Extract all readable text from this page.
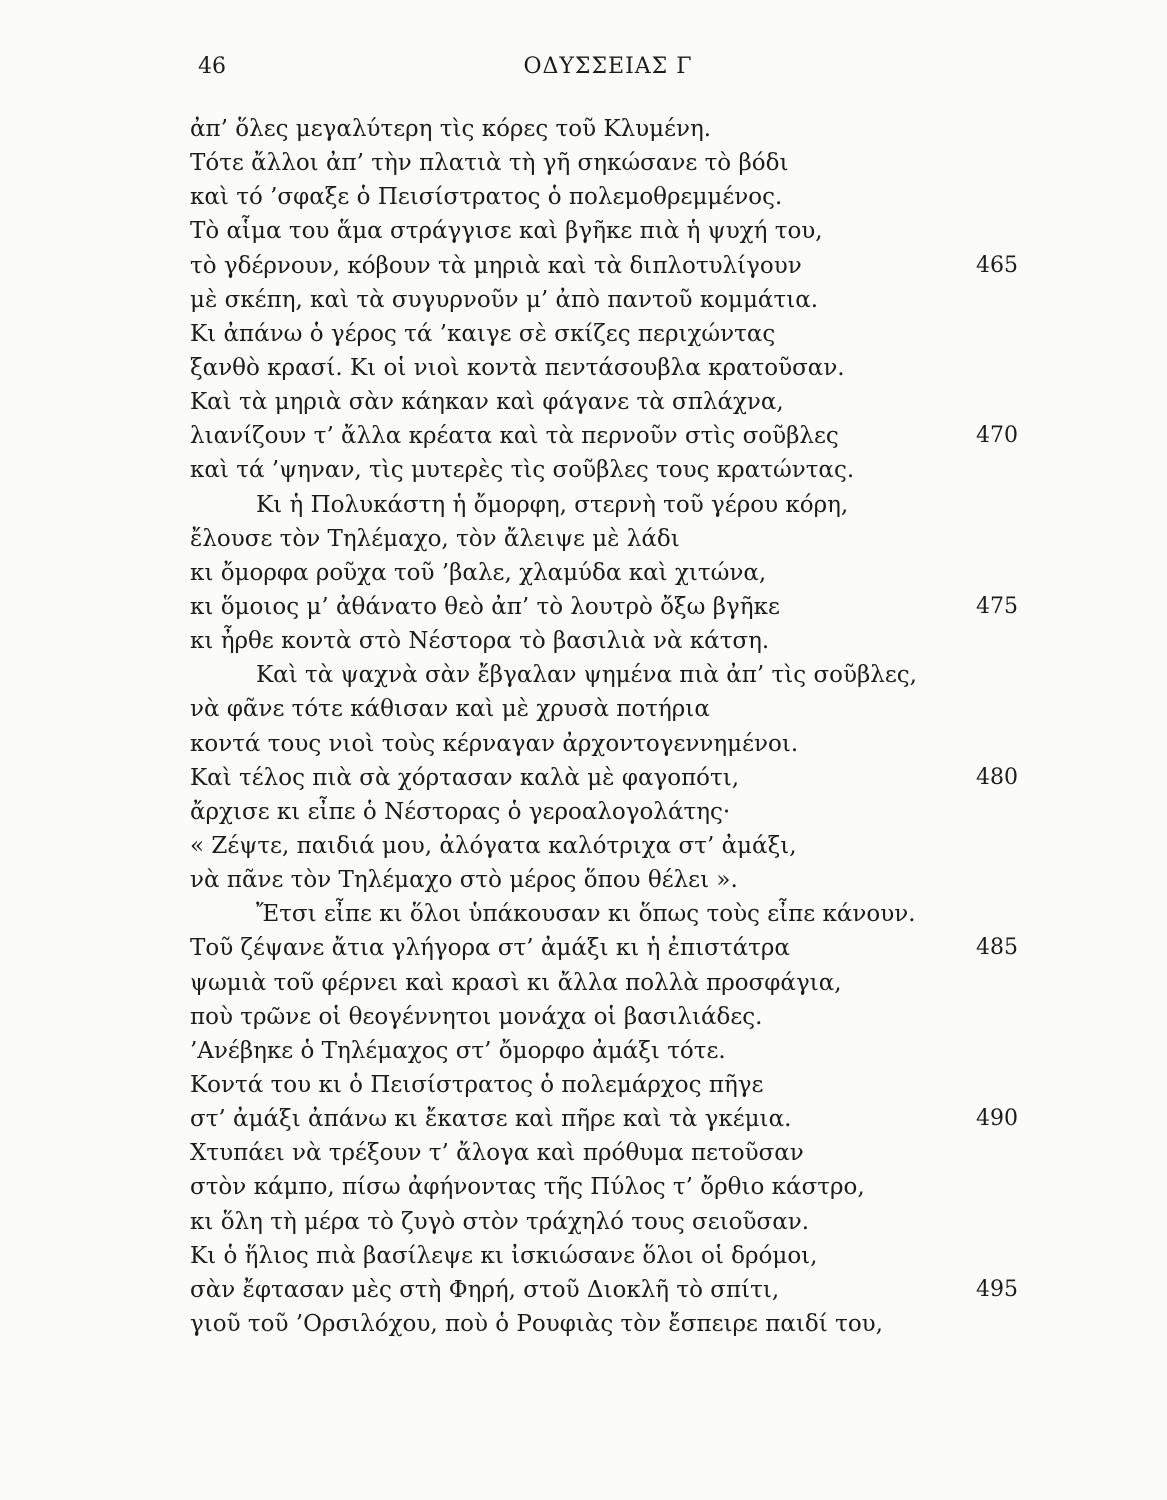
46	ΟΔΥΣΣΕΙΑΣ Γ
ἀπ’ ὅλες μεγαλύτερη τὶς κόρες τοῦ Κλυμένη.
Τότε ἄλλοι ἀπ’ τὴν πλατιὰ τὴ γῆ σηκώσανε τὸ βόδι
καὶ τό ’σφαξε ὁ Πεισίστρατος ὁ πολεμοθρεμμένος.
Τὸ αἷμα του ἅμα στράγγισε καὶ βγῆκε πιὰ ἡ ψυχή του,
τὸ γδέρνουν, κόβουν τὰ μηριὰ καὶ τὰ διπλοτυλίγουν	465
μὲ σκέπη, καὶ τὰ συγυρνοῦν μ’ ἀπὸ παντοῦ κομμάτια.
Κι ἀπάνω ὁ γέρος τά ’καιγε σὲ σκίζες περιχώντας
ξανθὸ κρασί. Κι οἱ νιοὶ κοντὰ πεντάσουβλα κρατοῦσαν.
Καὶ τὰ μηριὰ σὰν κάηκαν καὶ φάγανε τὰ σπλάχνα,
λιανίζουν τ’ ἄλλα κρέατα καὶ τὰ περνοῦν στὶς σοῦβλες	470
καὶ τά ’ψηναν, τὶς μυτερὲς τὶς σοῦβλες τους κρατώντας.
Κι ἡ Πολυκάστη ἡ ὄμορφη, στερνὴ τοῦ γέρου κόρη,
ἔλουσε τὸν Τηλέμαχο, τὸν ἄλειψε μὲ λάδι
κι ὄμορφα ροῦχα τοῦ ’βαλε, χλαμύδα καὶ χιτώνα,
κι ὅμοιος μ’ ἀθάνατο θεὸ ἀπ’ τὸ λουτρὸ ὄξω βγῆκε	475
κι ἦρθε κοντὰ στὸ Νέστορα τὸ βασιλιὰ νὰ κάτση.
Καὶ τὰ ψαχνὰ σὰν ἔβγαλαν ψημένα πιὰ ἀπ’ τὶς σοῦβλες,
νὰ φᾶνε τότε κάθισαν καὶ μὲ χρυσὰ ποτήρια
κοντά τους νιοὶ τοὺς κέρναγαν ἀρχοντογεννημένοι.
Καὶ τέλος πιὰ σὰ χόρτασαν καλὰ μὲ φαγοπότι,	480
ἄρχισε κι εἶπε ὁ Νέστορας ὁ γεροαλογολάτης·
« Ζέψτε, παιδιά μου, ἀλόγατα καλότριχα στ’ ἀμάξι,
νὰ πᾶνε τὸν Τηλέμαχο στὸ μέρος ὅπου θέλει ».
Ἔτσι εἶπε κι ὅλοι ὑπάκουσαν κι ὅπως τοὺς εἶπε κάνουν.
Τοῦ ζέψανε ἄτια γλήγορα στ’ ἀμάξι κι ἡ ἐπιστάτρα	485
ψωμιὰ τοῦ φέρνει καὶ κρασὶ κι ἄλλα πολλὰ προσφάγια,
ποὺ τρῶνε οἱ θεογέννητοι μονάχα οἱ βασιλιάδες.
’Ανέβηκε ὁ Τηλέμαχος στ’ ὄμορφο ἀμάξι τότε.
Κοντά του κι ὁ Πεισίστρατος ὁ πολεμάρχος πῆγε
στ’ ἀμάξι ἀπάνω κι ἔκατσε καὶ πῆρε καὶ τὰ γκέμια.	490
Χτυπάει νὰ τρέξουν τ’ ἄλογα καὶ πρόθυμα πετοῦσαν
στὸν κάμπο, πίσω ἀφήνοντας τῆς Πύλος τ’ ὄρθιο κάστρο,
κι ὅλη τὴ μέρα τὸ ζυγὸ στὸν τράχηλό τους σειοῦσαν.
Κι ὁ ἥλιος πιὰ βασίλεψε κι ἰσκιώσανε ὅλοι οἱ δρόμοι,
σὰν ἔφτασαν μὲς στὴ Φηρή, στοῦ Διοκλῆ τὸ σπίτι,	495
γιοῦ τοῦ ’Ορσιλόχου, ποὺ ὁ Ρουφιὰς τὸν ἔσπειρε παιδί του,
